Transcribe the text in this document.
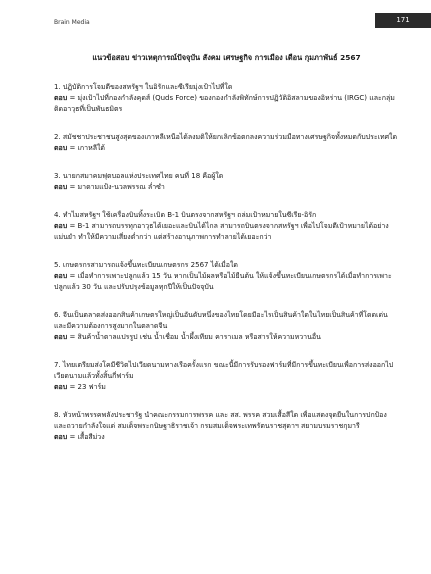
Brain Media	171
แนวข้อสอบ ข่าวเหตุการณ์ปัจจุบัน สังคม เศรษฐกิจ การเมือง เดือน กุมภาพันธ์ 2567
1. ปฏิบัติการโจมตีของสหรัฐฯ ในอิรักและซีเรียมุ่งเป้าไปที่ใด
ตอบ = มุ่งเป้าไปที่กองกำลังคุดส์ (Quds Force) ของกองกำลังพิทักษ์การปฏิวัติอิสลามของอิหร่าน (IRGC) และกลุ่มติดอาวุธที่เป็นพันธมิตร
2. สมัชชาประชาชนสูงสุดของเกาหลีเหนือได้ลงมติให้ยกเลิกข้อตกลงความร่วมมือทางเศรษฐกิจทั้งหมดกับประเทศใด
ตอบ = เกาหลีใต้
3. นายกสมาคมฟุตบอลแห่งประเทศไทย คนที่ 18 คือผู้ใด
ตอบ = มาดามแป้ง-นวลพรรณ ล่ำซำ
4. ทำไมสหรัฐฯ ใช้เครื่องบินทิ้งระเบิด B-1 บินตรงจากสหรัฐฯ ถล่มเป้าหมายในซีเรีย-อิรัก
ตอบ = B-1 สามารถบรรทุกอาวุธได้เยอะและบินได้ไกล สามารถบินตรงจากสหรัฐฯ เพื่อไปโจมตีเป้าหมายได้อย่างแม่นยำ ทำให้มีความเสี่ยงต่ำกว่า แต่สร้างอานุภาพการทำลายได้เยอะกว่า
5. เกษตรกรสามารถแจ้งขึ้นทะเบียนเกษตรกร 2567 ได้เมื่อใด
ตอบ = เมื่อทำการเพาะปลูกแล้ว 15 วัน หากเป็นไม้ผลหรือไม้ยืนต้น ให้แจ้งขึ้นทะเบียนเกษตรกรได้เมื่อทำการเพาะปลูกแล้ว 30 วัน และปรับปรุงข้อมูลทุกปีให้เป็นปัจจุบัน
6. จีนเป็นตลาดส่งออกสินค้าเกษตรใหญ่เป็นอันดับหนึ่งของไทยโดยมีอะไรเป็นสินค้าใดในไทยเป็นสินค้าที่โดดเด่นและมีความต้องการสูงมากในตลาดจีน
ตอบ = สินค้าน้ำตาลแปรรูป เช่น น้ำเชื่อม น้ำผึ้งเทียม คาราเมล หรือสารให้ความหวานอื่น
7. ไทยเตรียมส่งโคมีชีวิตไปเวียดนามทางเรือครั้งแรก ขณะนี้มีการรับรองฟาร์มที่มีการขึ้นทะเบียนเพื่อการส่งออกไปเวียดนามแล้วทั้งสิ้นกี่ฟาร์ม
ตอบ = 23 ฟาร์ม
8. หัวหน้าพรรคพลังประชารัฐ นำคณะกรรมการพรรค และ สส. พรรค สวมเสื้อสีใด เพื่อแสดงจุดยืนในการปกป้องและถวายกำลังใจแด่ สมเด็จพระกนิษฐาธิราชเจ้า กรมสมเด็จพระเทพรัตนราชสุดาฯ สยามบรมราชกุมารี
ตอบ = เสื้อสีม่วง
